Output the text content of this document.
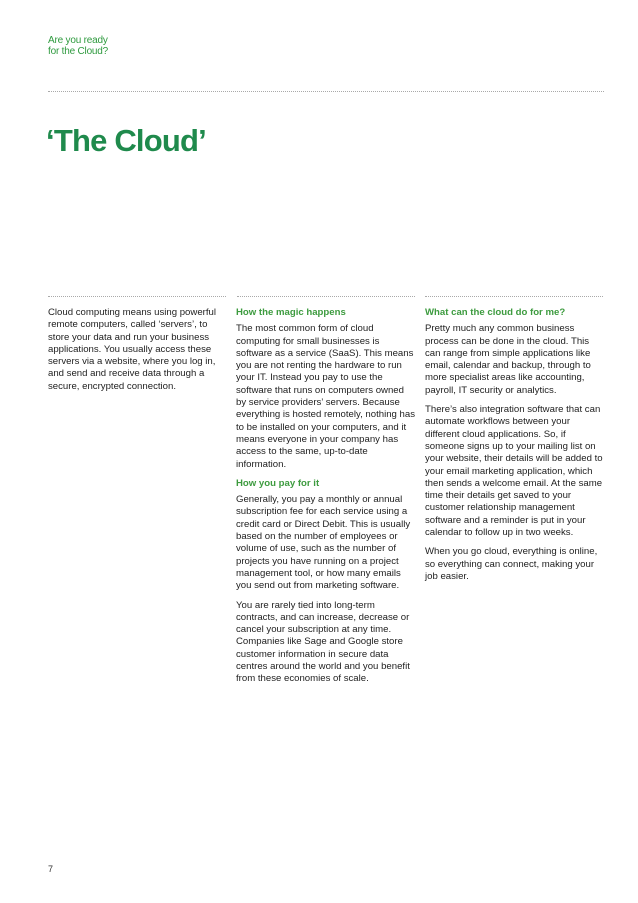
Are you ready
for the Cloud?
‘The Cloud’

Cloud computing means using powerful remote computers, called ‘servers’, to store your data and run your business applications. You usually access these servers via a website, where you log in, and send and receive data through a secure, encrypted connection.

How the magic happens

The most common form of cloud computing for small businesses is software as a service (SaaS). This means you are not renting the hardware to run your IT. Instead you pay to use the software that runs on computers owned by service providers’ servers. Because everything is hosted remotely, nothing has to be installed on your computers, and it means everyone in your company has access to the same, up-to-date information.

How you pay for it

Generally, you pay a monthly or annual subscription fee for each service using a credit card or Direct Debit. This is usually based on the number of employees or volume of use, such as the number of projects you have running on a project management tool, or how many emails you send out from marketing software.

You are rarely tied into long-term contracts, and can increase, decrease or cancel your subscription at any time. Companies like Sage and Google store customer information in secure data centres around the world and you benefit from these economies of scale.

What can the cloud do for me?

Pretty much any common business process can be done in the cloud. This can range from simple applications like email, calendar and backup, through to more specialist areas like accounting, payroll, IT security or analytics.

There’s also integration software that can automate workflows between your different cloud applications. So, if someone signs up to your mailing list on your website, their details will be added to your email marketing application, which then sends a welcome email. At the same time their details get saved to your customer relationship management software and a reminder is put in your calendar to follow up in two weeks.

When you go cloud, everything is online, so everything can connect, making your job easier.

7
